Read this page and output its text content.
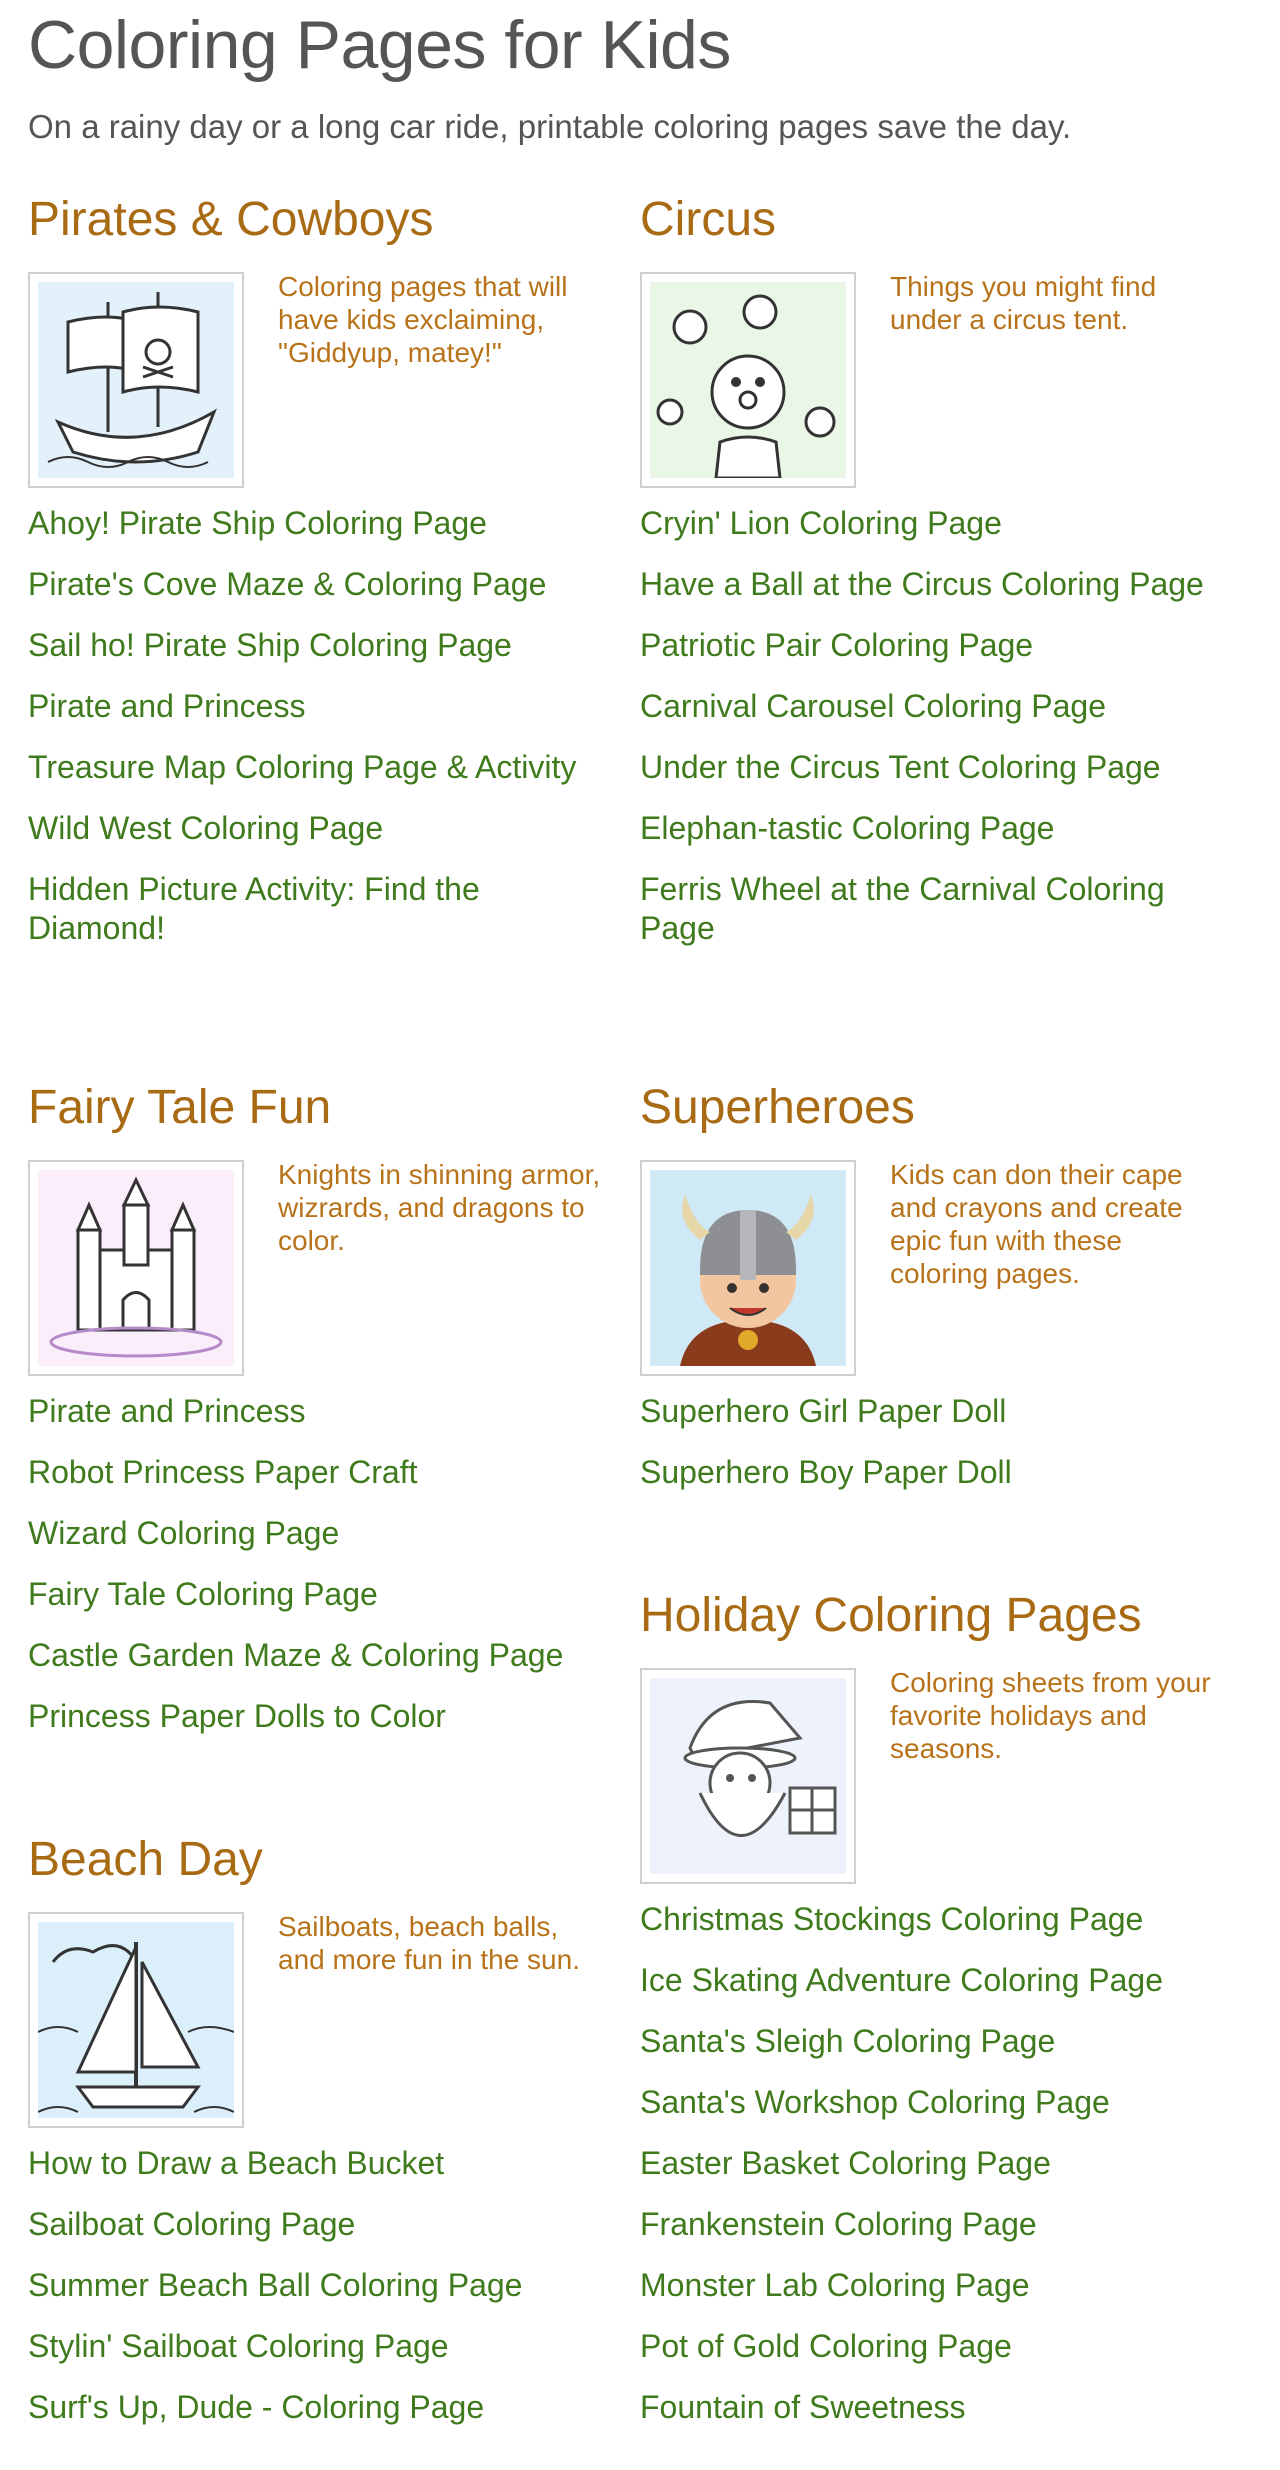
Coloring Pages for Kids

On a rainy day or a long car ride, printable coloring pages save the day.

Pirates & Cowboys

Coloring pages that will have kids exclaiming, "Giddyup, matey!"

Ahoy! Pirate Ship Coloring Page
Pirate's Cove Maze & Coloring Page
Sail ho! Pirate Ship Coloring Page
Pirate and Princess
Treasure Map Coloring Page & Activity
Wild West Coloring Page
Hidden Picture Activity: Find the Diamond!
Circus

Things you might find under a circus tent.

Cryin' Lion Coloring Page
Have a Ball at the Circus Coloring Page
Patriotic Pair Coloring Page
Carnival Carousel Coloring Page
Under the Circus Tent Coloring Page
Elephan-tastic Coloring Page
Ferris Wheel at the Carnival Coloring Page
Fairy Tale Fun

Knights in shinning armor, wizrards, and dragons to color.

Pirate and Princess
Robot Princess Paper Craft
Wizard Coloring Page
Fairy Tale Coloring Page
Castle Garden Maze & Coloring Page
Princess Paper Dolls to Color
Superheroes

Kids can don their cape and crayons and create epic fun with these coloring pages.

Superhero Girl Paper Doll
Superhero Boy Paper Doll
Holiday Coloring Pages

Coloring sheets from your favorite holidays and seasons.

Christmas Stockings Coloring Page
Ice Skating Adventure Coloring Page
Santa's Sleigh Coloring Page
Santa's Workshop Coloring Page
Easter Basket Coloring Page
Frankenstein Coloring Page
Monster Lab Coloring Page
Pot of Gold Coloring Page
Fountain of Sweetness
Beach Day

Sailboats, beach balls, and more fun in the sun.

How to Draw a Beach Bucket
Sailboat Coloring Page
Summer Beach Ball Coloring Page
Stylin' Sailboat Coloring Page
Surf's Up, Dude - Coloring Page
